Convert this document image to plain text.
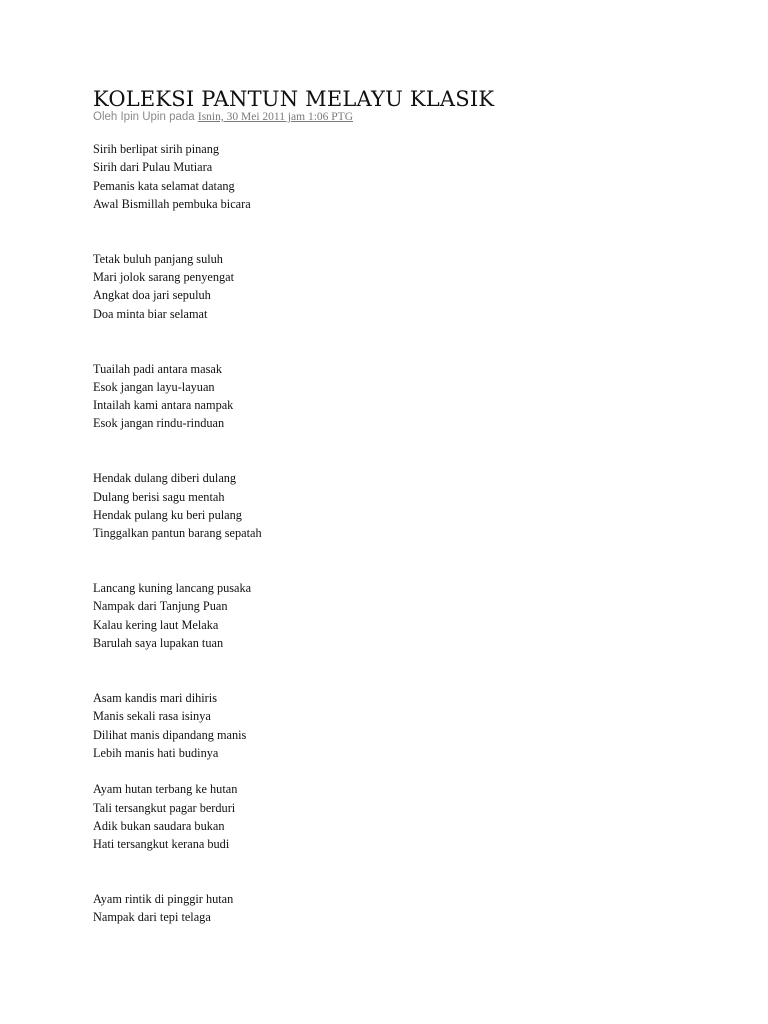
KOLEKSI PANTUN MELAYU KLASIK
Oleh Ipin Upin pada Isnin, 30 Mei 2011 jam 1:06 PTG
Sirih berlipat sirih pinang
Sirih dari Pulau Mutiara
Pemanis kata selamat datang
Awal Bismillah pembuka bicara
Tetak buluh panjang suluh
Mari jolok sarang penyengat
Angkat doa jari sepuluh
Doa minta biar selamat
Tuailah padi antara masak
Esok jangan layu-layuan
Intailah kami antara nampak
Esok jangan rindu-rinduan
Hendak dulang diberi dulang
Dulang berisi sagu mentah
Hendak pulang ku beri pulang
Tinggalkan pantun barang sepatah
Lancang kuning lancang pusaka
Nampak dari Tanjung Puan
Kalau kering laut Melaka
Barulah saya lupakan tuan
Asam kandis mari dihiris
Manis sekali rasa isinya
Dilihat manis dipandang manis
Lebih manis hati budinya
Ayam hutan terbang ke hutan
Tali tersangkut pagar berduri
Adik bukan saudara bukan
Hati tersangkut kerana budi
Ayam rintik di pinggir hutan
Nampak dari tepi telaga
